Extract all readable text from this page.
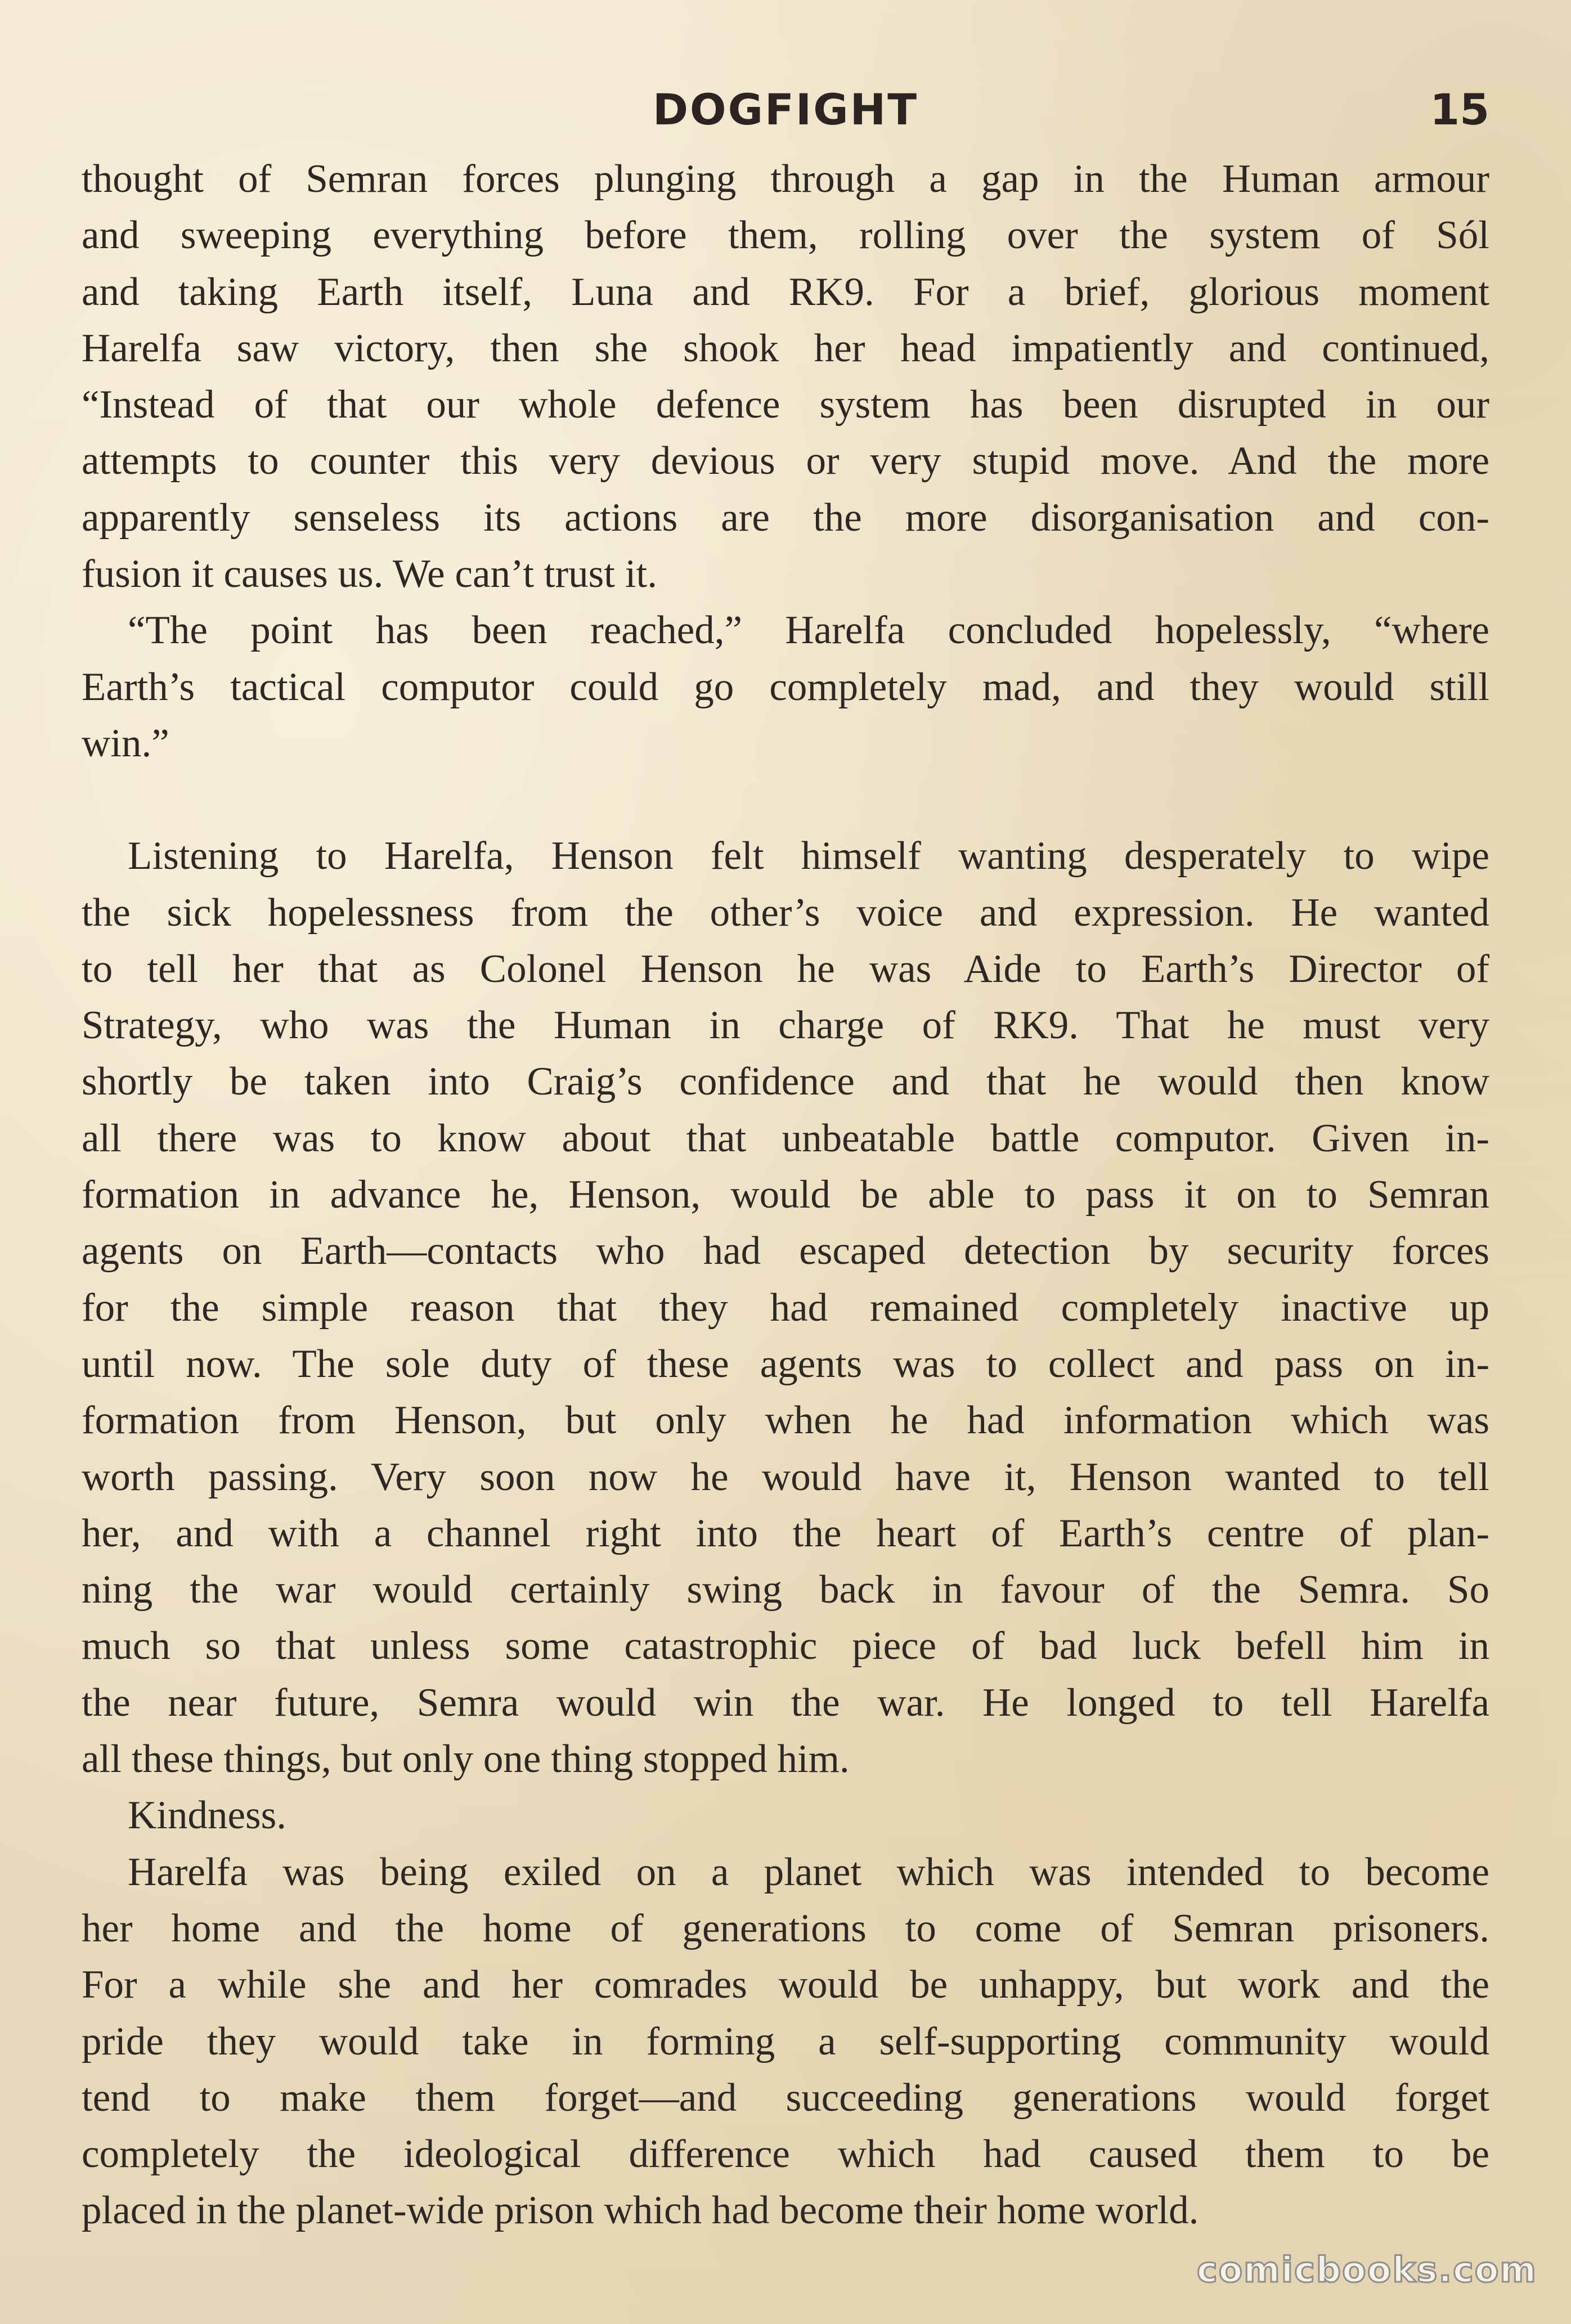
DOGFIGHT	15
thought of Semran forces plunging through a gap in the Human armour
and sweeping everything before them, rolling over the system of Sól
and taking Earth itself, Luna and RK9. For a brief, glorious moment
Harelfa saw victory, then she shook her head impatiently and continued,
“Instead of that our whole defence system has been disrupted in our
attempts to counter this very devious or very stupid move. And the more
apparently senseless its actions are the more disorganisation and con-
fusion it causes us. We can’t trust it.
“The point has been reached,” Harelfa concluded hopelessly, “where
Earth’s tactical computor could go completely mad, and they would still
win.”
Listening to Harelfa, Henson felt himself wanting desperately to wipe
the sick hopelessness from the other’s voice and expression. He wanted
to tell her that as Colonel Henson he was Aide to Earth’s Director of
Strategy, who was the Human in charge of RK9. That he must very
shortly be taken into Craig’s confidence and that he would then know
all there was to know about that unbeatable battle computor. Given in-
formation in advance he, Henson, would be able to pass it on to Semran
agents on Earth—contacts who had escaped detection by security forces
for the simple reason that they had remained completely inactive up
until now. The sole duty of these agents was to collect and pass on in-
formation from Henson, but only when he had information which was
worth passing. Very soon now he would have it, Henson wanted to tell
her, and with a channel right into the heart of Earth’s centre of plan-
ning the war would certainly swing back in favour of the Semra. So
much so that unless some catastrophic piece of bad luck befell him in
the near future, Semra would win the war. He longed to tell Harelfa
all these things, but only one thing stopped him.
Kindness.
Harelfa was being exiled on a planet which was intended to become
her home and the home of generations to come of Semran prisoners.
For a while she and her comrades would be unhappy, but work and the
pride they would take in forming a self-supporting community would
tend to make them forget—and succeeding generations would forget
completely the ideological difference which had caused them to be
placed in the planet-wide prison which had become their home world.
comicbooks.com
